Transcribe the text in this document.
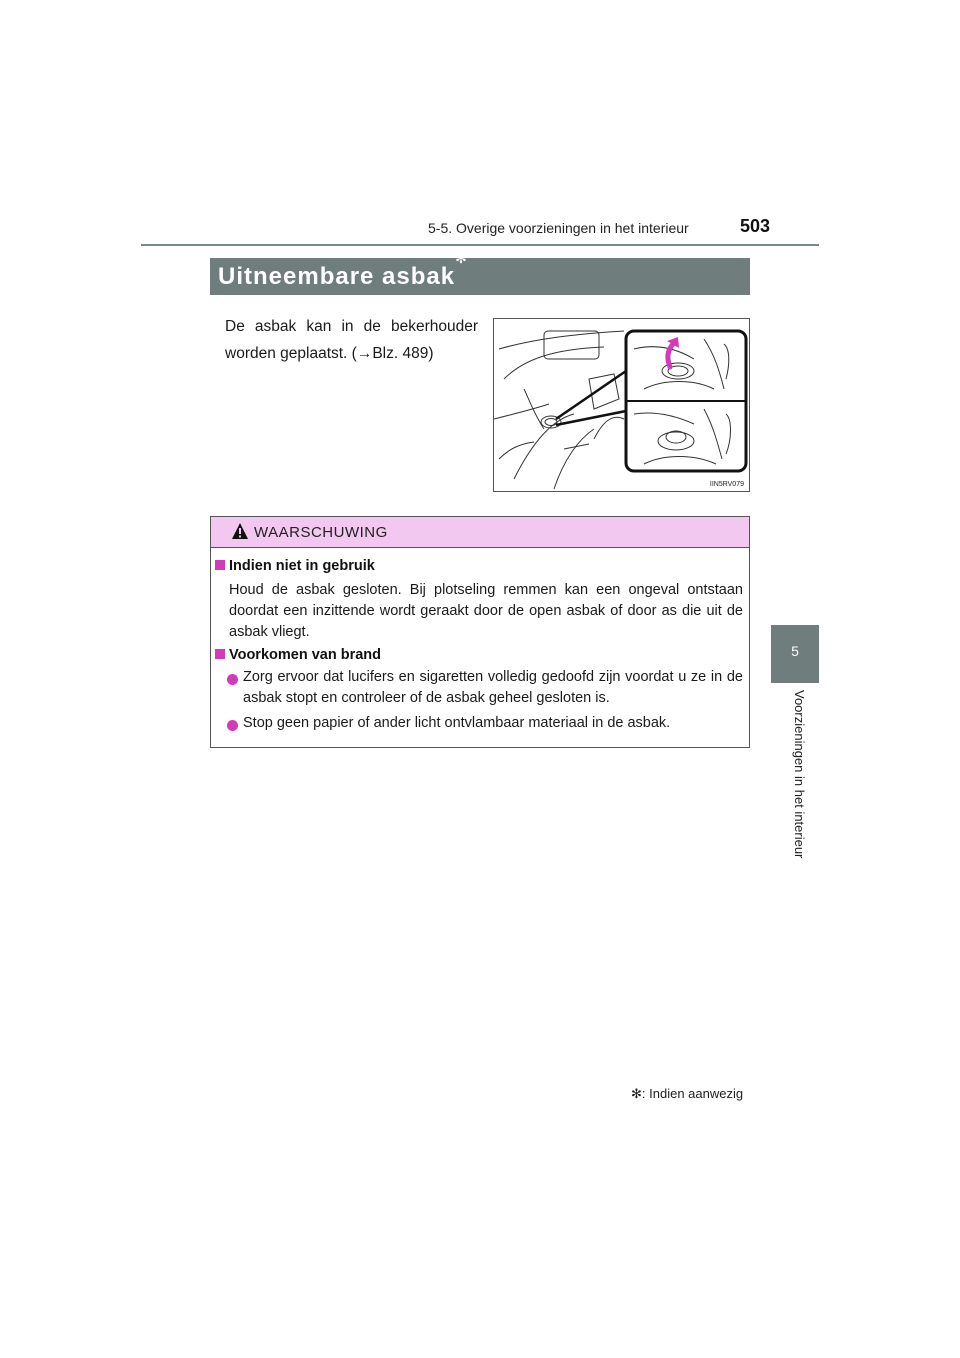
5-5. Overige voorzieningen in het interieur	503
5
Voorzieningen in het interieur
Uitneembare asbak✻
De asbak kan in de bekerhouder worden geplaatst. (→Blz. 489)
IIN5RV079
WAARSCHUWING
Indien niet in gebruik
Houd de asbak gesloten. Bij plotseling remmen kan een ongeval ontstaan doordat een inzittende wordt geraakt door de open asbak of door as die uit de asbak vliegt.
Voorkomen van brand
Zorg ervoor dat lucifers en sigaretten volledig gedoofd zijn voordat u ze in de asbak stopt en controleer of de asbak geheel gesloten is.
Stop geen papier of ander licht ontvlambaar materiaal in de asbak.
✻: Indien aanwezig
